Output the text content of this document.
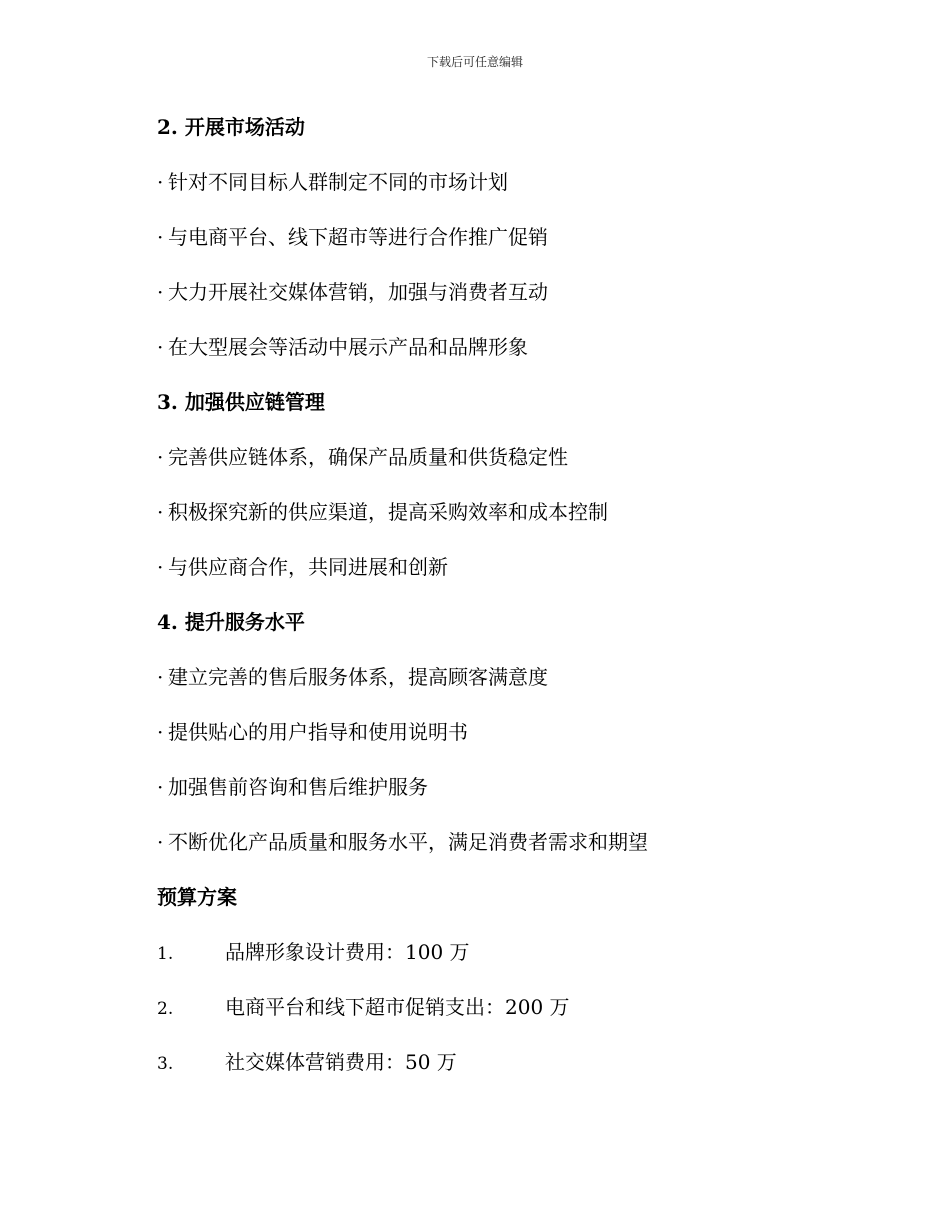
下载后可任意编辑
2. 开展市场活动
· 针对不同目标人群制定不同的市场计划
· 与电商平台、线下超市等进行合作推广促销
· 大力开展社交媒体营销，加强与消费者互动
· 在大型展会等活动中展示产品和品牌形象
3. 加强供应链管理
· 完善供应链体系，确保产品质量和供货稳定性
· 积极探究新的供应渠道，提高采购效率和成本控制
· 与供应商合作，共同进展和创新
4. 提升服务水平
· 建立完善的售后服务体系，提高顾客满意度
· 提供贴心的用户指导和使用说明书
· 加强售前咨询和售后维护服务
· 不断优化产品质量和服务水平，满足消费者需求和期望
预算方案
1.	品牌形象设计费用：100 万
2.	电商平台和线下超市促销支出：200 万
3.	社交媒体营销费用：50 万
